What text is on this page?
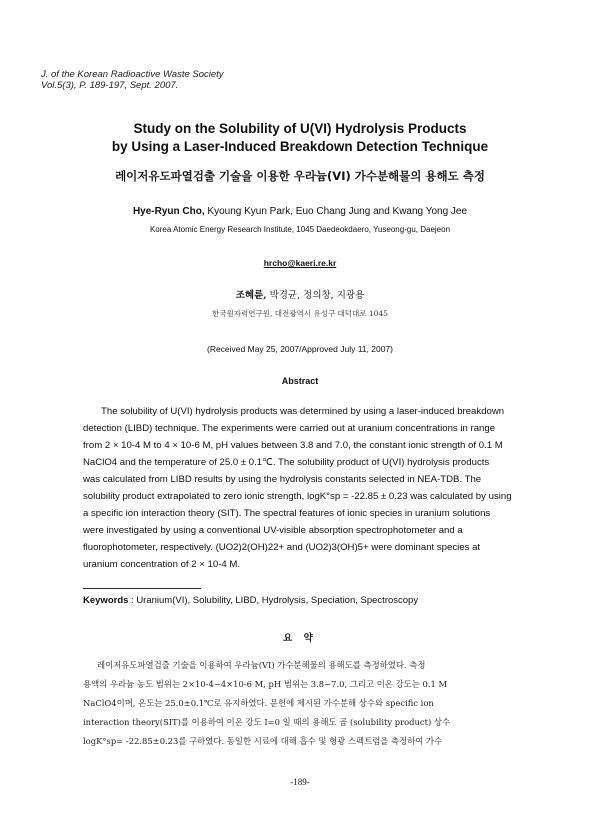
J. of the Korean Radioactive Waste Society
Vol.5(3), P. 189-197, Sept. 2007.
Study on the Solubility of U(VI) Hydrolysis Products
by Using a Laser-Induced Breakdown Detection Technique
레이저유도파열검출 기술을 이용한 우라늄(VI) 가수분해물의 용해도 측정
Hye-Ryun Cho, Kyoung Kyun Park, Euo Chang Jung and Kwang Yong Jee
Korea Atomic Energy Research Institute, 1045 Daedeokdaero, Yuseong-gu, Daejeon
hrcho@kaeri.re.kr
조혜륜, 박경균, 정의창, 지광용
한국원자력연구원, 대전광역시 유성구 대덕대로 1045
(Received May 25, 2007/Approved July 11, 2007)
Abstract
The solubility of U(VI) hydrolysis products was determined by using a laser-induced breakdown
detection (LIBD) technique. The experiments were carried out at uranium concentrations in range
from 2 × 10-4 M to 4 × 10-6 M, pH values between 3.8 and 7.0, the constant ionic strength of 0.1 M
NaClO4 and the temperature of 25.0 ± 0.1℃. The solubility product of U(VI) hydrolysis products
was calculated from LIBD results by using the hydrolysis constants selected in NEA-TDB. The
solubility product extrapolated to zero ionic strength, logK°sp = -22.85 ± 0.23 was calculated by using
a specific ion interaction theory (SIT). The spectral features of ionic species in uranium solutions
were investigated by using a conventional UV-visible absorption spectrophotometer and a
fluorophotometer, respectively. (UO2)2(OH)22+ and (UO2)3(OH)5+ were dominant species at
uranium concentration of 2 × 10-4 M.
Keywords : Uranium(VI), Solubility, LIBD, Hydrolysis, Speciation, Spectroscopy
요 약
레이저유도파열검출 기술을 이용하여 우라늄(VI) 가수분해물의 용해도를 측정하였다. 측정
용액의 우라늄 농도 범위는 2×10-4~4×10-6 M, pH 범위는 3.8~7.0, 그리고 이온 강도는 0.1 M
NaClO4이며, 온도는 25.0±0.1℃로 유지하였다. 문헌에 제시된 가수분해 상수와 specific ion
interaction theory(SIT)를 이용하여 이온 강도 I=0 일 때의 용해도 곱 (solubility product) 상수
logK°sp= -22.85±0.23를 구하였다. 동일한 시료에 대해 흡수 및 형광 스펙트럼을 측정하여 가수
-189-
